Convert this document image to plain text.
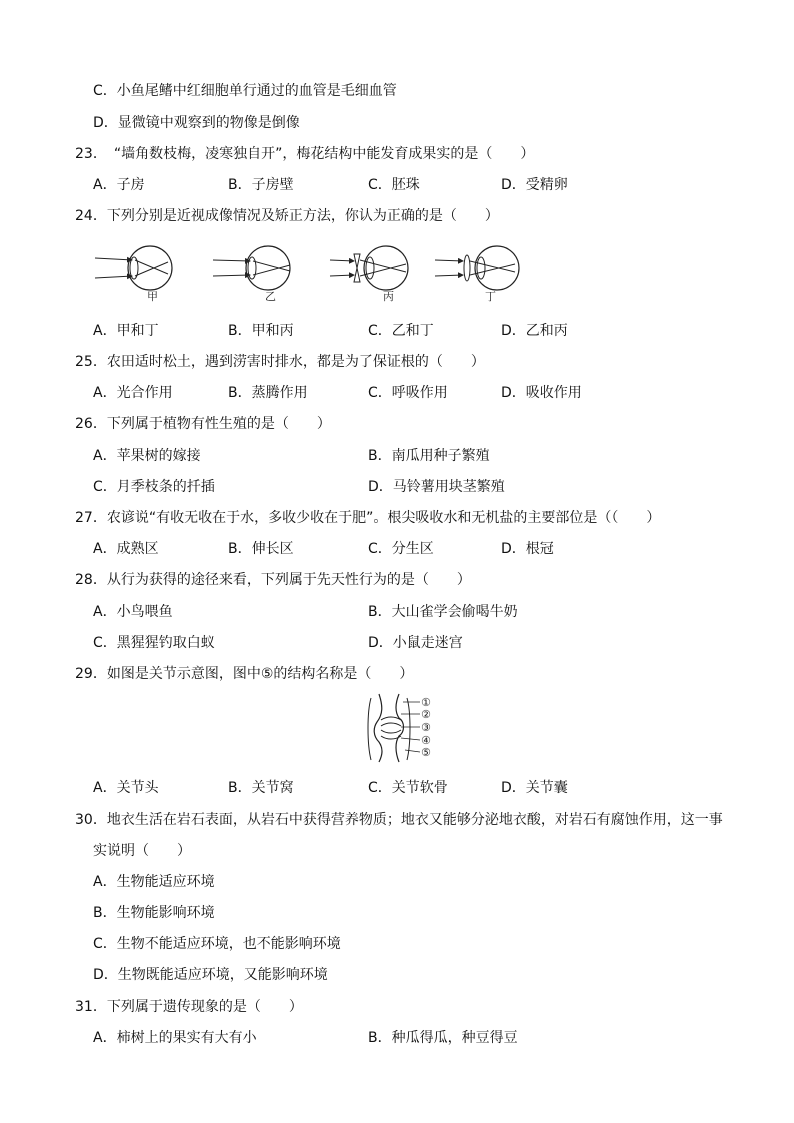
C．小鱼尾鳍中红细胞单行通过的血管是毛细血管
D．显微镜中观察到的物像是倒像
23．　“墙角数枝梅，凌寒独自开”，梅花结构中能发育成果实的是（　　）
A．子房	B．子房壁	C．胚珠	D．受精卵
24．下列分别是近视成像情况及矫正方法，你认为正确的是（　　）
甲	乙	丙	丁
A．甲和丁	B．甲和丙	C．乙和丁	D．乙和丙
25．农田适时松土，遇到涝害时排水，都是为了保证根的（　　）
A．光合作用	B．蒸腾作用	C．呼吸作用	D．吸收作用
26．下列属于植物有性生殖的是（　　）
A．苹果树的嫁接	B．南瓜用种子繁殖
C．月季枝条的扦插	D．马铃薯用块茎繁殖
27．农谚说“有收无收在于水，多收少收在于肥”。根尖吸收水和无机盐的主要部位是（（　　）
A．成熟区	B．伸长区	C．分生区	D．根冠
28．从行为获得的途径来看，下列属于先天性行为的是（　　）
A．小鸟喂鱼	B．大山雀学会偷喝牛奶
C．黑猩猩钓取白蚁	D．小鼠走迷宫
29．如图是关节示意图，图中⑤的结构名称是（　　）
①
②
③
④
⑤
A．关节头	B．关节窝	C．关节软骨	D．关节囊
30．地衣生活在岩石表面，从岩石中获得营养物质；地衣又能够分泌地衣酸，对岩石有腐蚀作用，这一事
实说明（　　）
A．生物能适应环境
B．生物能影响环境
C．生物不能适应环境，也不能影响环境
D．生物既能适应环境，又能影响环境
31．下列属于遗传现象的是（　　）
A．柿树上的果实有大有小	B．种瓜得瓜，种豆得豆
